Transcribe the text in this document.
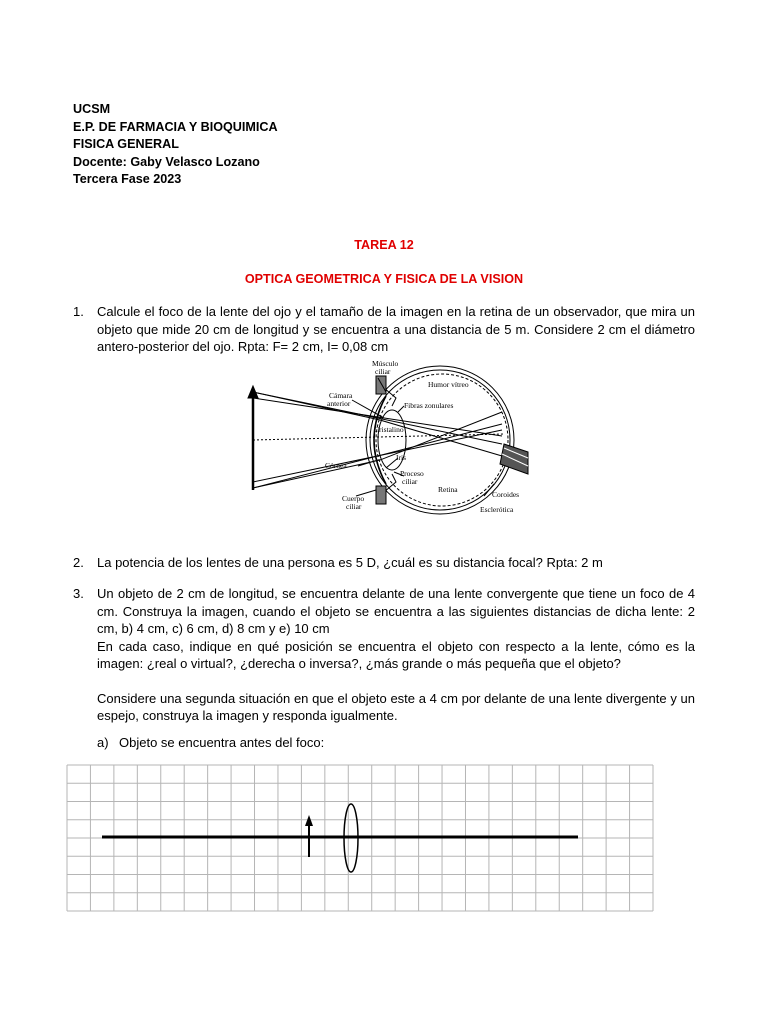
UCSM
E.P. DE FARMACIA Y BIOQUIMICA
FISICA GENERAL
Docente: Gaby Velasco Lozano
Tercera Fase 2023
TAREA 12
OPTICA GEOMETRICA Y FISICA DE LA VISION
1. Calcule el foco de la lente del ojo y el tamaño de la imagen en la retina de un observador, que mira un objeto que mide 20 cm de longitud y se encuentra a una distancia de 5 m. Considere 2 cm el diámetro antero-posterior del ojo. Rpta: F= 2 cm, I= 0,08 cm

Músculo
ciliar
Humor vítreo
Cámara
anterior	Fibras zonulares
Cristalino
Iris
Córnea
Proceso
ciliar
Retina
Coroides
Cuerpo
ciliar	Esclerótica
2. La potencia de los lentes de una persona es 5 D, ¿cuál es su distancia focal? Rpta: 2 m

3. Un objeto de 2 cm de longitud, se encuentra delante de una lente convergente que tiene un foco de 4 cm. Construya la imagen, cuando el objeto se encuentra a las siguientes distancias de dicha lente: 2 cm, b) 4 cm, c) 6 cm, d) 8 cm y e) 10 cm

En cada caso, indique en qué posición se encuentra el objeto con respecto a la lente, cómo es la imagen: ¿real o virtual?, ¿derecha o inversa?, ¿más grande o más pequeña que el objeto?

Considere una segunda situación en que el objeto este a 4 cm por delante de una lente divergente y un espejo, construya la imagen y responda igualmente.

a) Objeto se encuentra antes del foco:
